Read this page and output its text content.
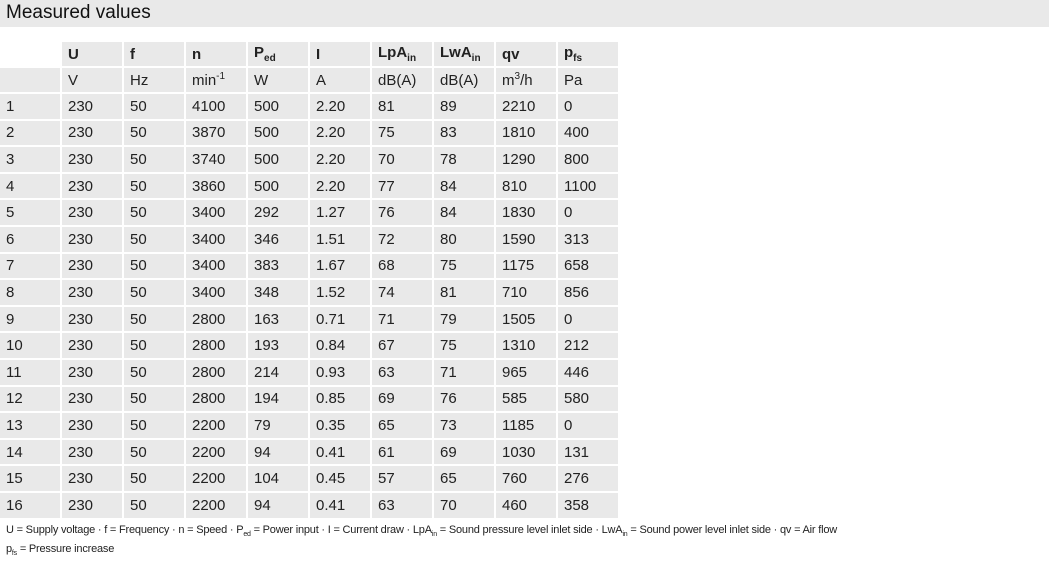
Measured values
	U	f	n	$P_{ed}$	I	LpA$_{in}$	LwA$_{in}$	qv	$p_{fs}$
	V	Hz	$\min^{-1}$	W	A	dB(A)	dB(A)	$m^3/h$	Pa
1	230	50	4100	500	2.20	81	89	2210	0
2	230	50	3870	500	2.20	75	83	1810	400
3	230	50	3740	500	2.20	70	78	1290	800
4	230	50	3860	500	2.20	77	84	810	1100
5	230	50	3400	292	1.27	76	84	1830	0
6	230	50	3400	346	1.51	72	80	1590	313
7	230	50	3400	383	1.67	68	75	1175	658
8	230	50	3400	348	1.52	74	81	710	856
9	230	50	2800	163	0.71	71	79	1505	0
10	230	50	2800	193	0.84	67	75	1310	212
11	230	50	2800	214	0.93	63	71	965	446
12	230	50	2800	194	0.85	69	76	585	580
13	230	50	2200	79	0.35	65	73	1185	0
14	230	50	2200	94	0.41	61	69	1030	131
15	230	50	2200	104	0.45	57	65	760	276
16	230	50	2200	94	0.41	63	70	460	358
U = Supply voltage · f = Frequency · n = Speed · $P_{ed}$ = Power input · I = Current draw · LpA$_{in}$ = Sound pressure level inlet side · LwA$_{in}$ = Sound power level inlet side · qv = Air flow
$p_{fs}$ = Pressure increase
